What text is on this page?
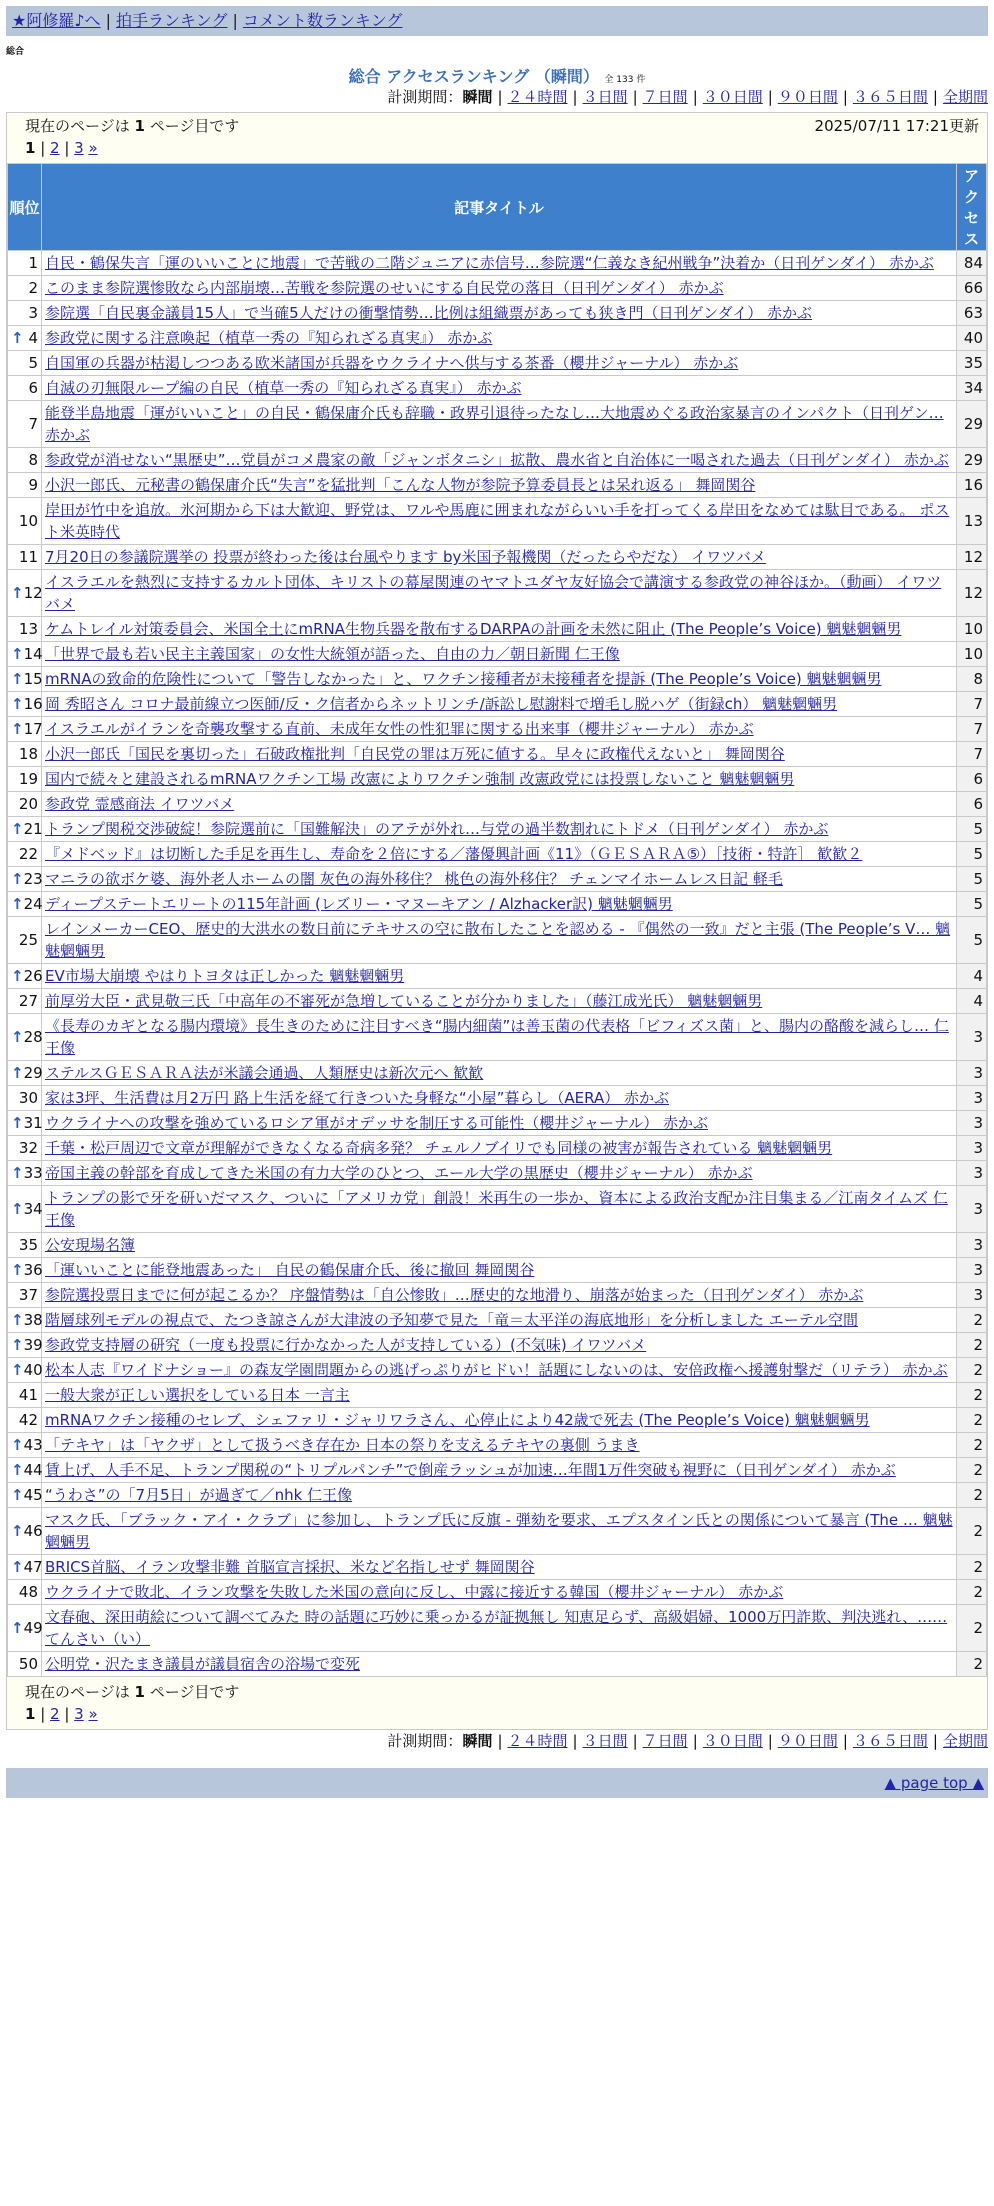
★阿修羅♪へ | 拍手ランキング | コメント数ランキング
総合
総合 アクセスランキング （瞬間） 全 133 件
計測期間：瞬間 | ２４時間 | ３日間 | ７日間 | ３０日間 | ９０日間 | ３６５日間 | 全期間
現在のページは 1 ページ目です	2025/07/11 17:21更新
1 | 2 | 3 »
順位	記事タイトル	アクセス
1	自民・鶴保失言「運のいいことに地震」で苦戦の二階ジュニアに赤信号…参院選“仁義なき紀州戦争”決着か（日刊ゲンダイ） 赤かぶ	84
2	このまま参院選惨敗なら内部崩壊…苦戦を参院選のせいにする自民党の落日（日刊ゲンダイ） 赤かぶ	66
3	参院選「自民裏金議員15人」で当確5人だけの衝撃情勢…比例は組織票があっても狭き門（日刊ゲンダイ） 赤かぶ	63

↑ 4	参政党に関する注意喚起（植草一秀の『知られざる真実』） 赤かぶ	40
5	自国軍の兵器が枯渇しつつある欧米諸国が兵器をウクライナへ供与する茶番（櫻井ジャーナル） 赤かぶ	35
6	自滅の刃無限ループ編の自民（植草一秀の『知られざる真実』） 赤かぶ	34
7	能登半島地震「運がいいこと」の自民・鶴保庸介氏も辞職・政界引退待ったなし…大地震めぐる政治家暴言のインパクト（日刊ゲン… 赤かぶ	29
8	参政党が消せない“黒歴史”…党員がコメ農家の敵「ジャンボタニシ」拡散、農水省と自治体に一喝された過去（日刊ゲンダイ） 赤かぶ	29
9	小沢一郎氏、元秘書の鶴保庸介氏“失言”を猛批判「こんな人物が参院予算委員長とは呆れ返る」 舞岡関谷	16
10	岸田が竹中を追放。氷河期から下は大歓迎、野党は、ワルや馬鹿に囲まれながらいい手を打ってくる岸田をなめては駄目である。 ポスト米英時代	13
11	7月20日の参議院選挙の 投票が終わった後は台風やります by米国予報機関（だったらやだな） イワツバメ	12

↑ 12	イスラエルを熱烈に支持するカルト団体、キリストの幕屋関連のヤマトユダヤ友好協会で講演する参政党の神谷ほか。（動画） イワツバメ	12
13	ケムトレイル対策委員会、米国全土にmRNA生物兵器を散布するDARPAの計画を未然に阻止 (The People’s Voice) 魑魅魍魎男	10

↑ 14	「世界で最も若い民主主義国家」の女性大統領が語った、自由の力／朝日新聞 仁王像	10

↑ 15	mRNAの致命的危険性について「警告しなかった」と、ワクチン接種者が未接種者を提訴 (The People’s Voice) 魑魅魍魎男	8

↑ 16	岡 秀昭さん コロナ最前線立つ医師/反・ク信者からネットリンチ/訴訟し慰謝料で増毛し脱ハゲ（街録ch） 魑魅魍魎男	7

↑ 17	イスラエルがイランを奇襲攻撃する直前、未成年女性の性犯罪に関する出来事（櫻井ジャーナル） 赤かぶ	7
18	小沢一郎氏「国民を裏切った」石破政権批判「自民党の罪は万死に値する。早々に政権代えないと」 舞岡関谷	7
19	国内で続々と建設されるmRNAワクチン工場 改憲によりワクチン強制 改憲政党には投票しないこと 魑魅魍魎男	6
20	参政党 霊感商法 イワツバメ	6

↑ 21	トランプ関税交渉破綻！参院選前に「国難解決」のアテが外れ…与党の過半数割れにトドメ（日刊ゲンダイ） 赤かぶ	5
22	『メドベッド』は切断した手足を再生し、寿命を２倍にする／藩優興計画《11》（ＧＥＳＡＲＡ⑤）［技術・特許］ 歓歓２	5

↑ 23	マニラの欲ボケ婆、海外老人ホームの闇 灰色の海外移住？ 桃色の海外移住？ チェンマイホームレス日記 軽毛	5

↑ 24	ディープステートエリートの115年計画 (レズリー・マヌーキアン / Alzhacker訳) 魑魅魍魎男	5
25	レインメーカーCEO、歴史的大洪水の数日前にテキサスの空に散布したことを認める - 『偶然の一致』だと主張 (The People’s V… 魑魅魍魎男	5

↑ 26	EV市場大崩壊 やはりトヨタは正しかった 魑魅魍魎男	4
27	前厚労大臣・武見敬三氏「中高年の不審死が急増していることが分かりました」（藤江成光氏） 魑魅魍魎男	4

↑ 28	《長寿のカギとなる腸内環境》長生きのために注目すべき“腸内細菌”は善玉菌の代表格「ビフィズス菌」と、腸内の酪酸を減らし… 仁王像	3

↑ 29	ステルスＧＥＳＡＲＡ法が米議会通過、人類歴史は新次元へ 歓歓	3
30	家は3坪、生活費は月2万円 路上生活を経て行きついた身軽な“小屋”暮らし（AERA） 赤かぶ	3

↑ 31	ウクライナへの攻撃を強めているロシア軍がオデッサを制圧する可能性（櫻井ジャーナル） 赤かぶ	3
32	千葉・松戸周辺で文章が理解ができなくなる奇病多発？ チェルノブイリでも同様の被害が報告されている 魑魅魍魎男	3

↑ 33	帝国主義の幹部を育成してきた米国の有力大学のひとつ、エール大学の黒歴史（櫻井ジャーナル） 赤かぶ	3

↑ 34	トランプの影で牙を研いだマスク、ついに「アメリカ党」創設！米再生の一歩か、資本による政治支配か注目集まる／江南タイムズ 仁王像	3
35	公安現場名簿	3

↑ 36	「運いいことに能登地震あった」 自民の鶴保庸介氏、後に撤回 舞岡関谷	3
37	参院選投票日までに何が起こるか？ 序盤情勢は「自公惨敗」…歴史的な地滑り、崩落が始まった（日刊ゲンダイ） 赤かぶ	3

↑ 38	階層球列モデルの視点で、たつき諒さんが大津波の予知夢で見た「竜＝太平洋の海底地形」を分析しました エーテル空間	2

↑ 39	参政党支持層の研究（一度も投票に行かなかった人が支持している）(不気味) イワツバメ	2

↑ 40	松本人志『ワイドナショー』の森友学園問題からの逃げっぷりがヒドい！話題にしないのは、安倍政権へ援護射撃だ（リテラ） 赤かぶ	2
41	一般大衆が正しい選択をしている日本 一言主	2
42	mRNAワクチン接種のセレブ、シェファリ・ジャリワラさん、心停止により42歳で死去 (The People’s Voice) 魑魅魍魎男	2

↑ 43	「テキヤ」は「ヤクザ」として扱うべき存在か 日本の祭りを支えるテキヤの裏側 うまき	2

↑ 44	賃上げ、人手不足、トランプ関税の“トリプルパンチ”で倒産ラッシュが加速…年間1万件突破も視野に（日刊ゲンダイ） 赤かぶ	2

↑ 45	“うわさ”の「7月5日」が過ぎて／nhk 仁王像	2

↑ 46	マスク氏、「ブラック・アイ・クラブ」に参加し、トランプ氏に反旗 - 弾劾を要求、エプスタイン氏との関係について暴言 (The … 魑魅魍魎男	2

↑ 47	BRICS首脳、イラン攻撃非難 首脳宣言採択、米など名指しせず 舞岡関谷	2
48	ウクライナで敗北、イラン攻撃を失敗した米国の意向に反し、中露に接近する韓国（櫻井ジャーナル） 赤かぶ	2

↑ 49	文春砲、深田萌絵について調べてみた 時の話題に巧妙に乗っかるが証拠無し 知恵足らず、高級娼婦、1000万円詐欺、判決逃れ、…… てんさい（い）	2
50	公明党・沢たまき議員が議員宿舎の浴場で変死	2
現在のページは 1 ページ目です
1 | 2 | 3 »
計測期間：瞬間 | ２４時間 | ３日間 | ７日間 | ３０日間 | ９０日間 | ３６５日間 | 全期間
▲ page top ▲
